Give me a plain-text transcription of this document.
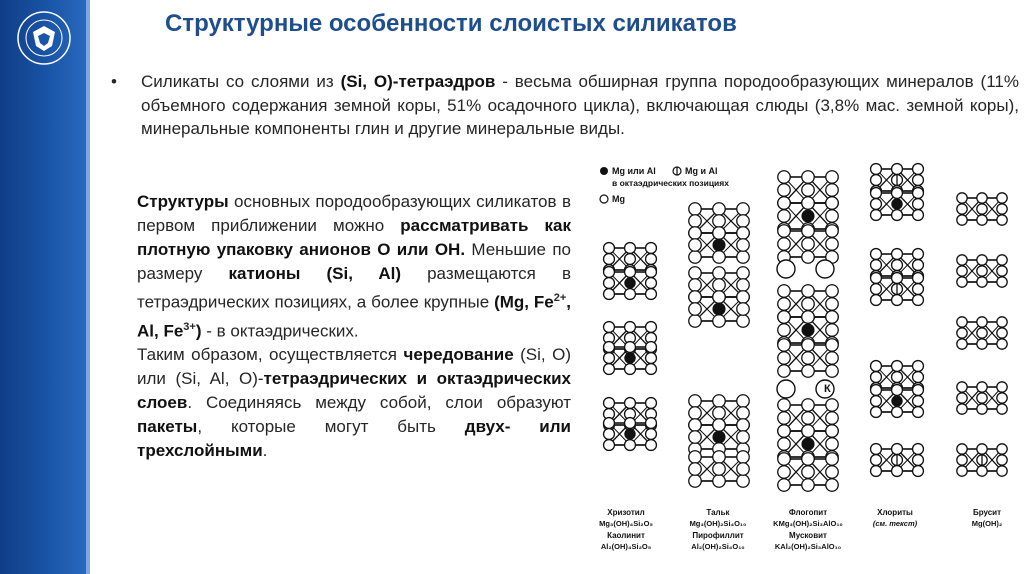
Структурные особенности слоистых силикатов
• Силикаты со слоями из (Si, O)-тетраэдров - весьма обширная группа породообразующих минералов (11% объемного содержания земной коры, 51% осадочного цикла), включающая слюды (3,8% мас. земной коры), минеральные компоненты глин и другие минеральные виды.

Структуры основных породообразующих силикатов в первом приближении можно рассматривать как плотную упаковку анионов О или ОН. Меньшие по размеру катионы (Si, Al) размещаются в тетраэдрических позициях, а более крупные (Mg, $Fe^{2+}$, Al, $Fe^{3+}$) - в октаэдрических.

Таким образом, осуществляется чередование (Si, O) или (Si, Al, O)-тетраэдрических и октаэдрических слоев. Соединяясь между собой, слои образуют пакеты, которые могут быть двух- или трехслойными.

Mg или Al	Mg и Al
в октаэдрических позициях
Mg
К
Хризотил
Mg₃(OH)₄Si₂O₅
Каолинит
Al₂(OH)₄Si₂O₅
Тальк
Mg₃(OH)₂Si₄O₁₀
Пирофиллит
Al₂(OH)₂Si₄O₁₀
Флогопит
KMg₃(OH)₂Si₃AlO₁₀
Мусковит
KAl₂(OH)₂Si₃AlO₁₀
Хлориты
(см. текст)
Брусит
Mg(OH)₂
